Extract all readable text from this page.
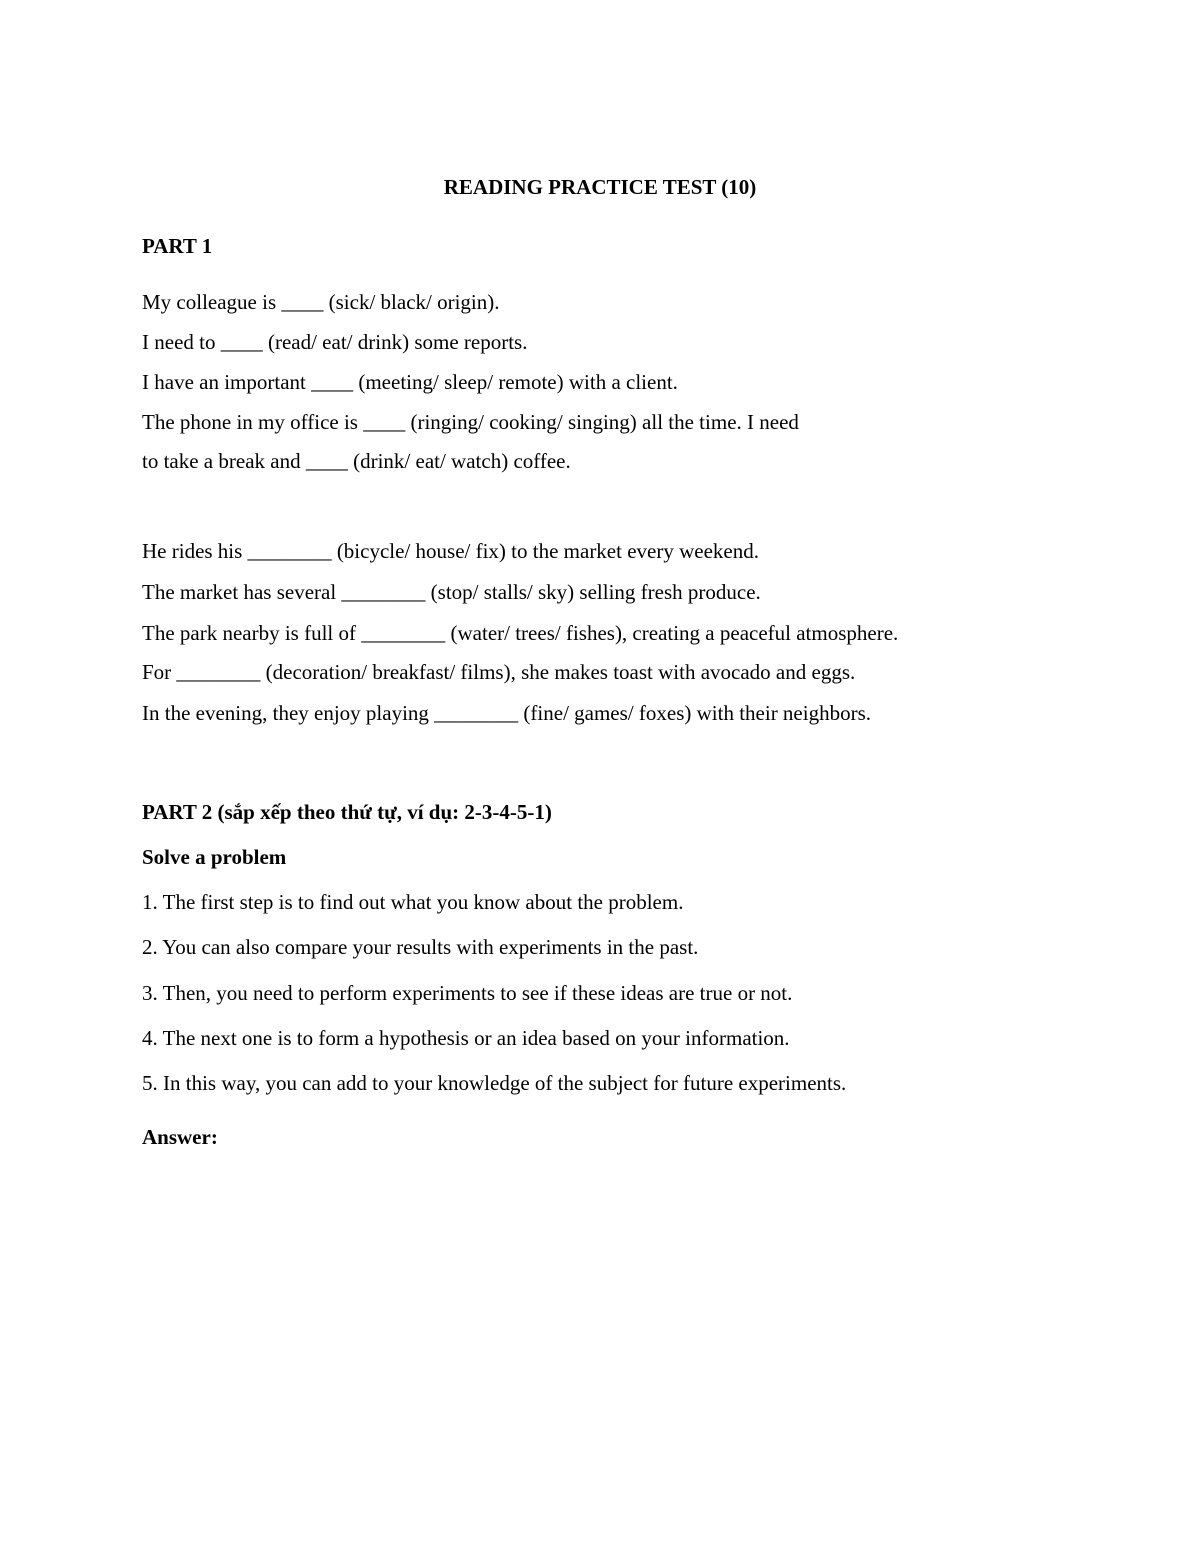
READING PRACTICE TEST (10)
PART 1
My colleague is ____ (sick/ black/ origin).
I need to ____ (read/ eat/ drink) some reports.
I have an important ____ (meeting/ sleep/ remote) with a client.
The phone in my office is ____ (ringing/ cooking/ singing) all the time. I need
to take a break and ____ (drink/ eat/ watch) coffee.
He rides his ________ (bicycle/ house/ fix) to the market every weekend.
The market has several ________ (stop/ stalls/ sky) selling fresh produce.
The park nearby is full of ________ (water/ trees/ fishes), creating a peaceful atmosphere.
For ________ (decoration/ breakfast/ films), she makes toast with avocado and eggs.
In the evening, they enjoy playing ________ (fine/ games/ foxes) with their neighbors.
PART 2 (sắp xếp theo thứ tự, ví dụ: 2-3-4-5-1)
Solve a problem
1. The first step is to find out what you know about the problem.
2. You can also compare your results with experiments in the past.
3. Then, you need to perform experiments to see if these ideas are true or not.
4. The next one is to form a hypothesis or an idea based on your information.
5. In this way, you can add to your knowledge of the subject for future experiments.
Answer:
